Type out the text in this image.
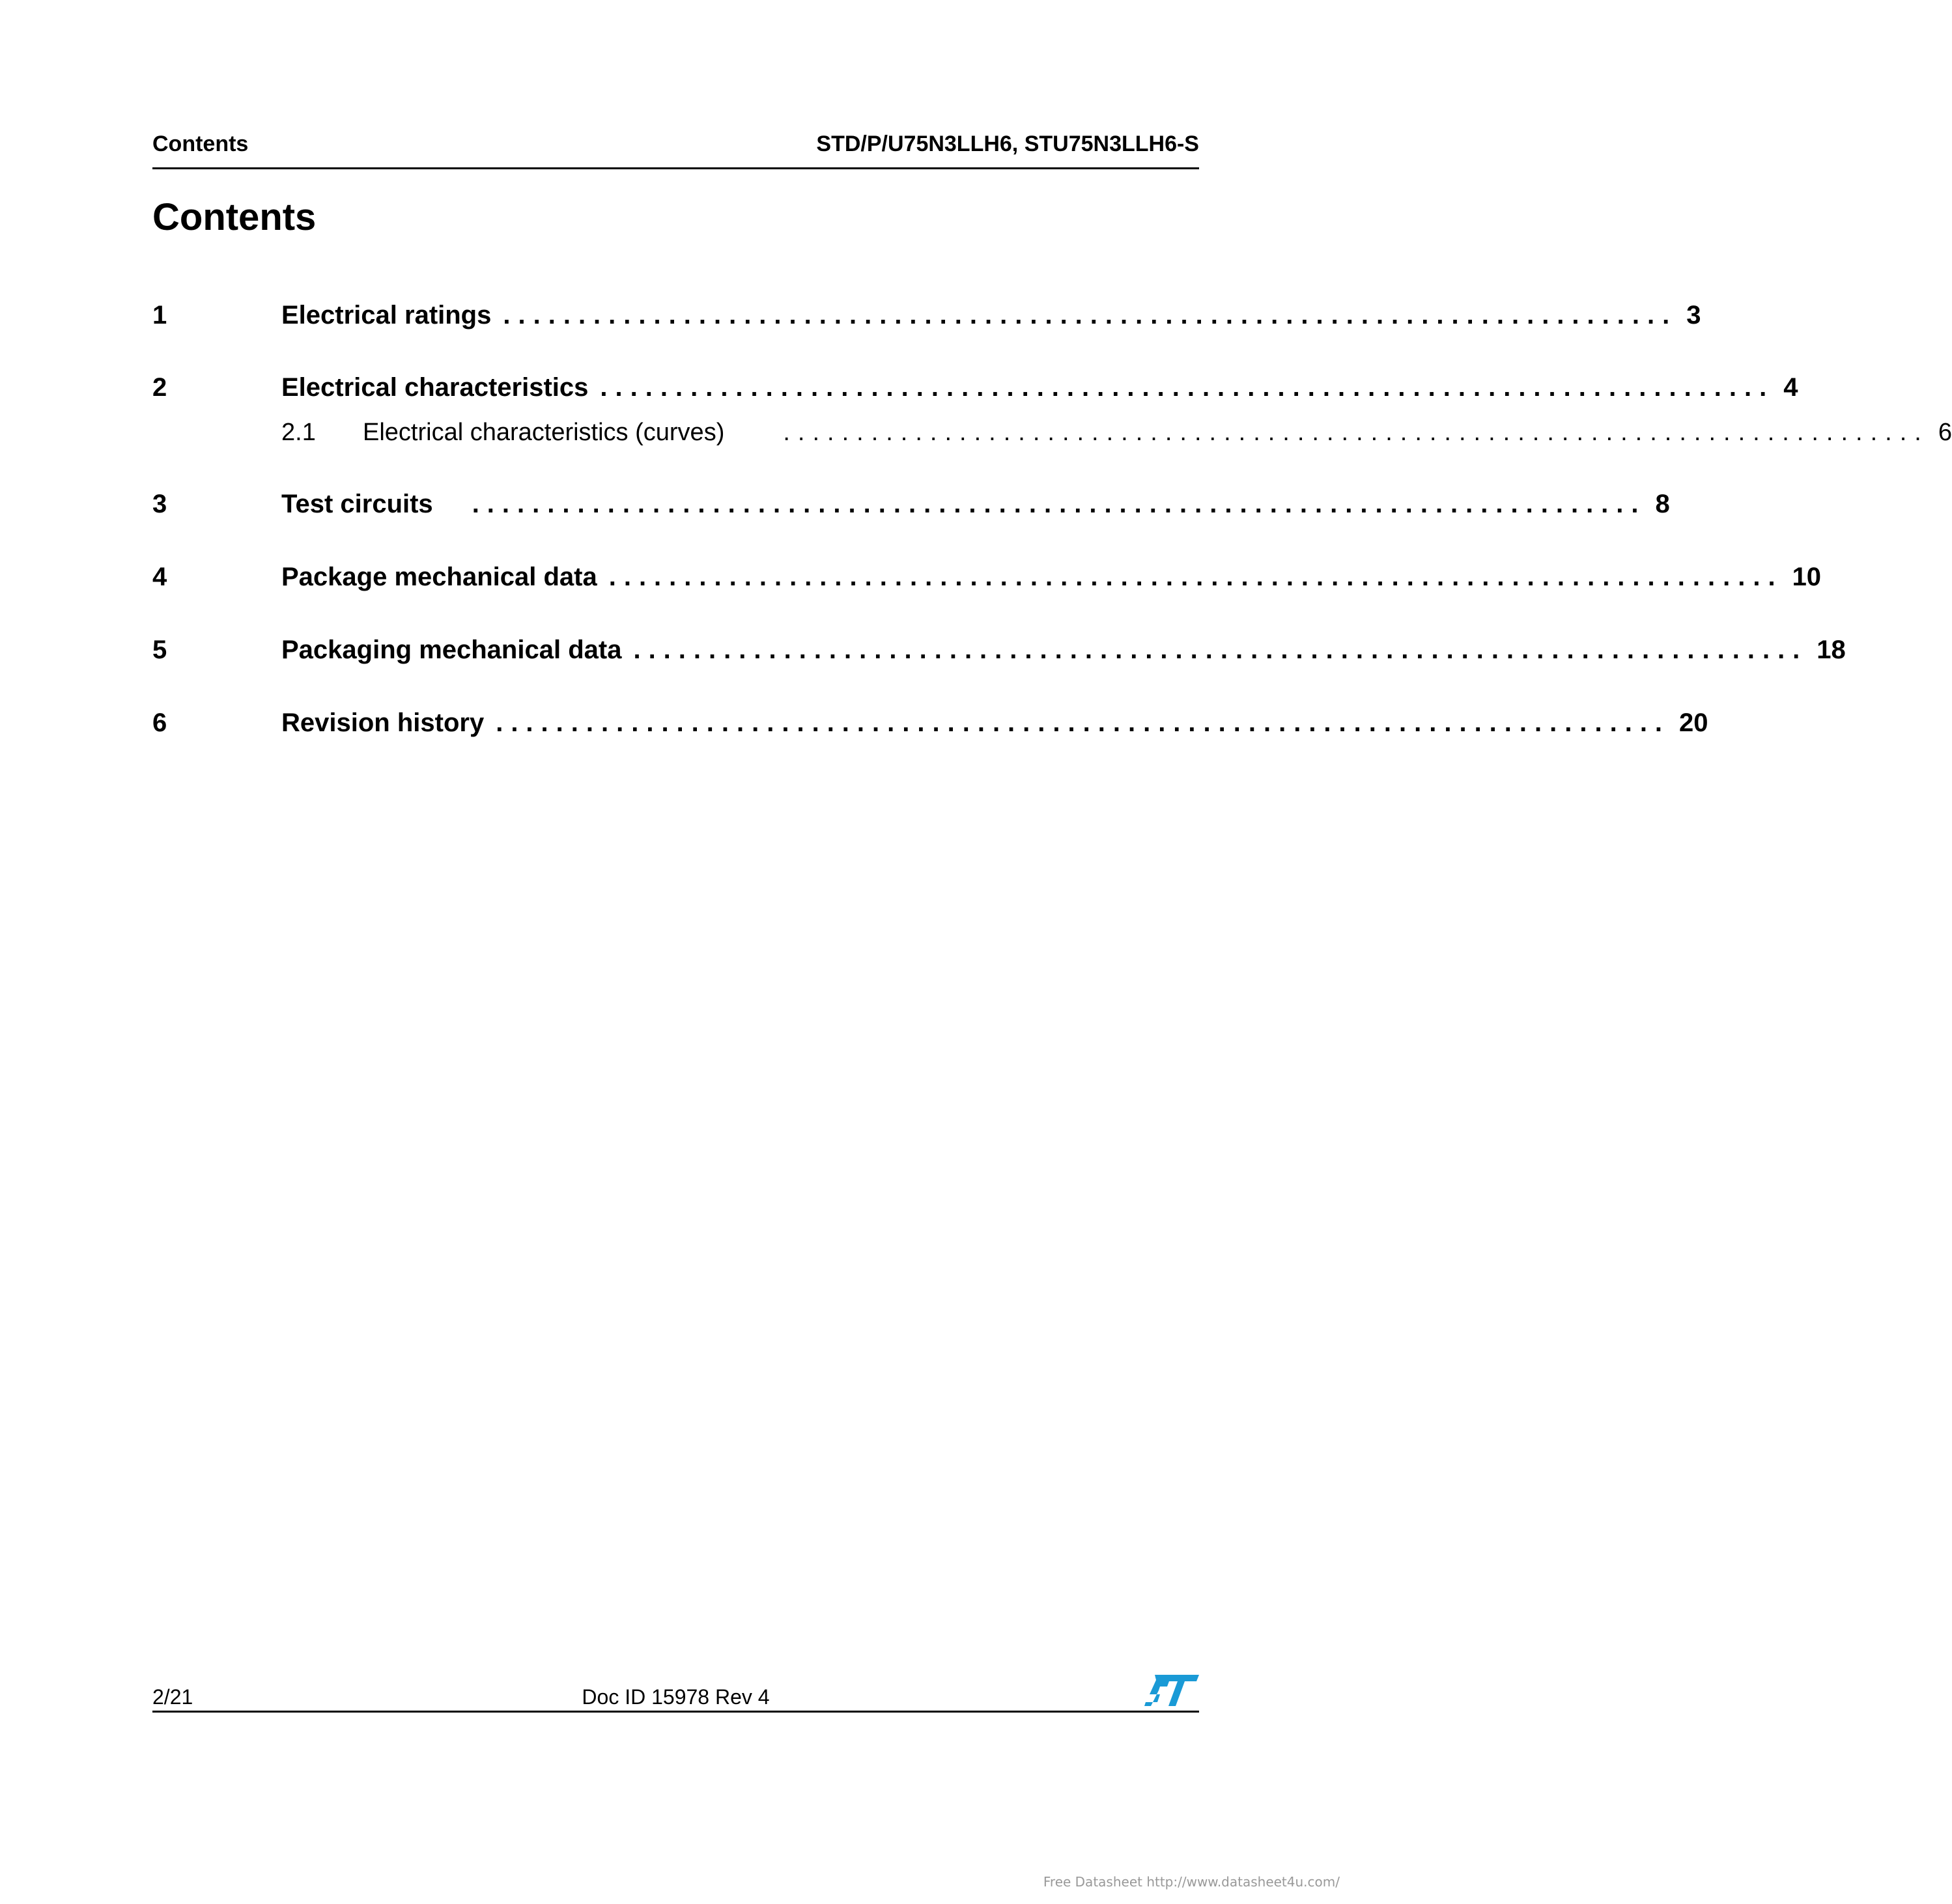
Contents	STD/P/U75N3LLH6, STU75N3LLH6-S
Contents
1	Electrical ratings .............................................................................. 3
2	Electrical characteristics .............................................................................. 4
2.1	Electrical characteristics (curves) .............................................................................. 6
3	Test circuits .............................................................................. 8
4	Package mechanical data .............................................................................. 10
5	Packaging mechanical data .............................................................................. 18
6	Revision history .............................................................................. 20
2/21	Doc ID 15978 Rev 4
Free Datasheet http://www.datasheet4u.com/
